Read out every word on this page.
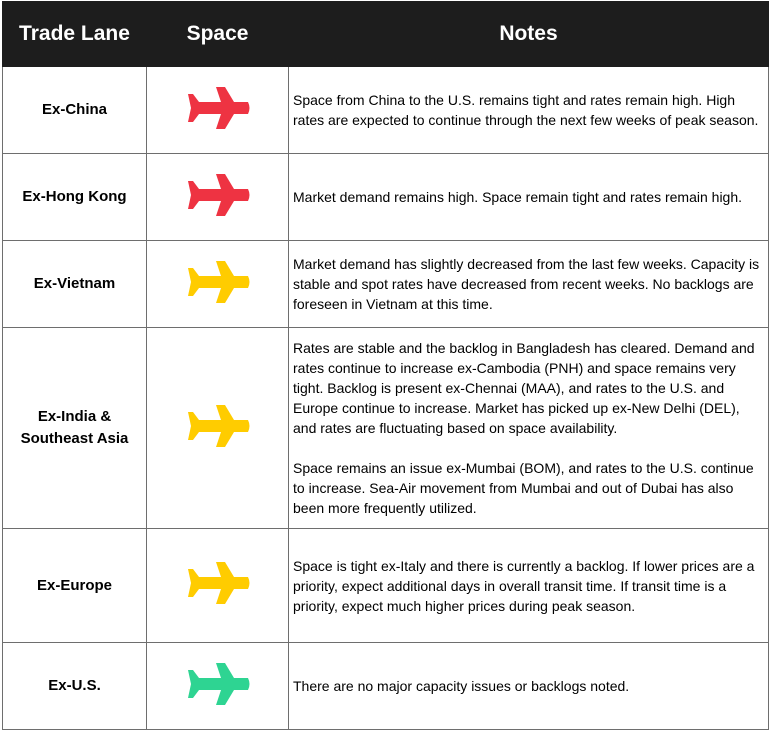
Trade Lane	Space	Notes
Ex-China		Space from China to the U.S. remains tight and rates remain high. High rates are expected to continue through the next few weeks of peak season.

Ex-Hong Kong		Market demand remains high. Space remain tight and rates remain high.

Ex-Vietnam		Market demand has slightly decreased from the last few weeks. Capacity is stable and spot rates have decreased from recent weeks. No backlogs are foreseen in Vietnam at this time.

Ex-India & Southeast Asia		Rates are stable and the backlog in Bangladesh has cleared. Demand and rates continue to increase ex-Cambodia (PNH) and space remains very tight. Backlog is present ex-Chennai (MAA), and rates to the U.S. and Europe continue to increase. Market has picked up ex-New Delhi (DEL), and rates are fluctuating based on space availability.

Space remains an issue ex-Mumbai (BOM), and rates to the U.S. continue to increase. Sea-Air movement from Mumbai and out of Dubai has also been more frequently utilized.

Ex-Europe		Space is tight ex-Italy and there is currently a backlog. If lower prices are a priority, expect additional days in overall transit time. If transit time is a priority, expect much higher prices during peak season.

Ex-U.S.		There are no major capacity issues or backlogs noted.
